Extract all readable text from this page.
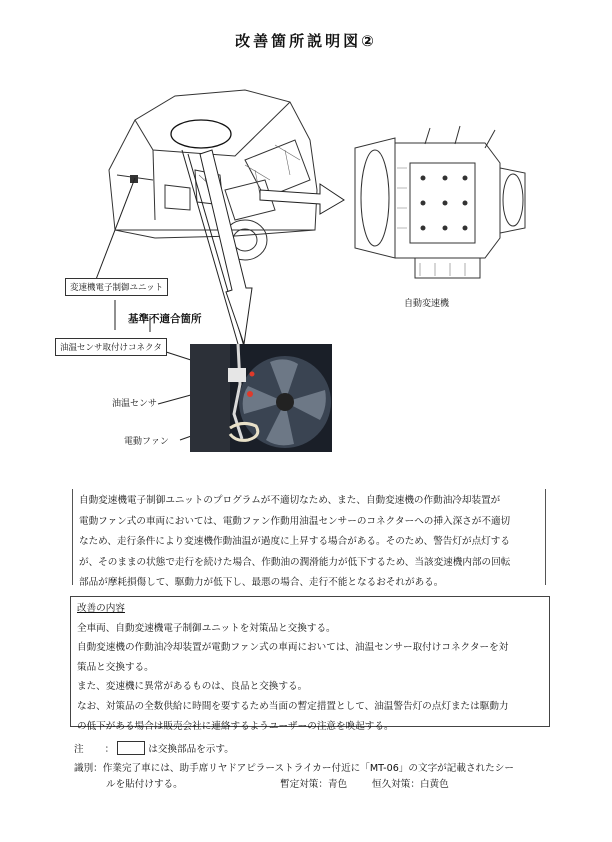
改善箇所説明図②
自動変速機
変速機電子制御ユニット
基準不適合箇所
油温センサ取付けコネクタ
油温センサ
電動ファン
自動変速機電子制御ユニットのプログラムが不適切なため、また、自動変速機の作動油冷却装置が
電動ファン式の車両においては、電動ファン作動用油温センサーのコネクターへの挿入深さが不適切
なため、走行条件により変速機作動油温が過度に上昇する場合がある。そのため、警告灯が点灯する
が、そのままの状態で走行を続けた場合、作動油の潤滑能力が低下するため、当該変速機内部の回転
部品が摩耗損傷して、駆動力が低下し、最悪の場合、走行不能となるおそれがある。
改善の内容
全車両、自動変速機電子制御ユニットを対策品と交換する。
自動変速機の作動油冷却装置が電動ファン式の車両においては、油温センサー取付けコネクターを対
策品と交換する。
また、変速機に異常があるものは、良品と交換する。
なお、対策品の全数供給に時間を要するため当面の暫定措置として、油温警告灯の点灯または駆動力
の低下がある場合は販売会社に連絡するようユーザーの注意を喚起する。
注 ：	は交換部品を示す。
識別：作業完了車には、助手席リヤドアピラーストライカー付近に「MT-06」の文字が記載されたシー
ルを貼付けする。	暫定対策：青色	恒久対策：白黄色
